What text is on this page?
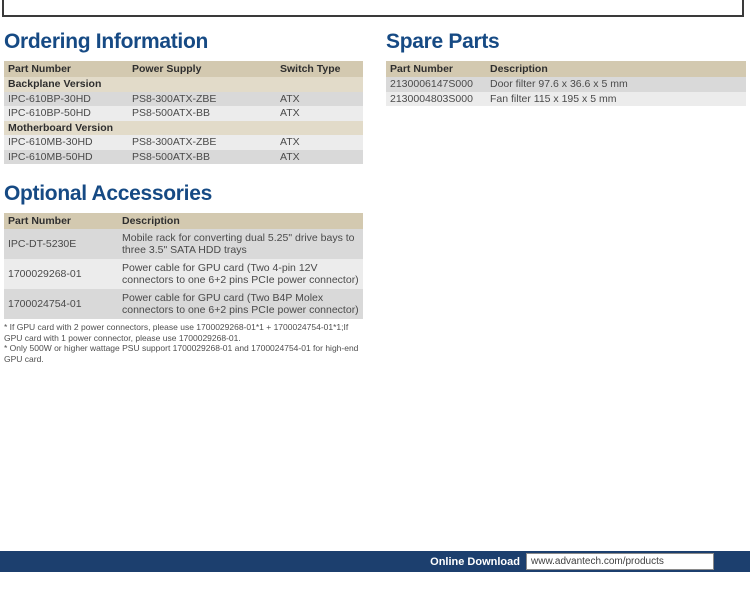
Ordering Information
Part Number	Power Supply	Switch Type
Backplane Version		
IPC-610BP-30HD	PS8-300ATX-ZBE	ATX
IPC-610BP-50HD	PS8-500ATX-BB	ATX
Motherboard Version		
IPC-610MB-30HD	PS8-300ATX-ZBE	ATX
IPC-610MB-50HD	PS8-500ATX-BB	ATX
Spare Parts
Part Number	Description
2130006147S000	Door filter 97.6 x 36.6 x 5 mm
2130004803S000	Fan filter 115 x 195 x 5 mm
Optional Accessories
Part Number	Description
IPC-DT-5230E	Mobile rack for converting dual 5.25" drive bays to three 3.5" SATA HDD trays
1700029268-01	Power cable for GPU card (Two 4-pin 12V connectors to one 6+2 pins PCIe power connector)
1700024754-01	Power cable for GPU card (Two B4P Molex connectors to one 6+2 pins PCIe power connector)

* If GPU card with 2 power connectors, please use 1700029268-01*1 + 1700024754-01*1;If GPU card with 1 power connector, please use 1700029268-01.

* Only 500W or higher wattage PSU support 1700029268-01 and 1700024754-01 for high-end GPU card.

Online Download	www.advantech.com/products
